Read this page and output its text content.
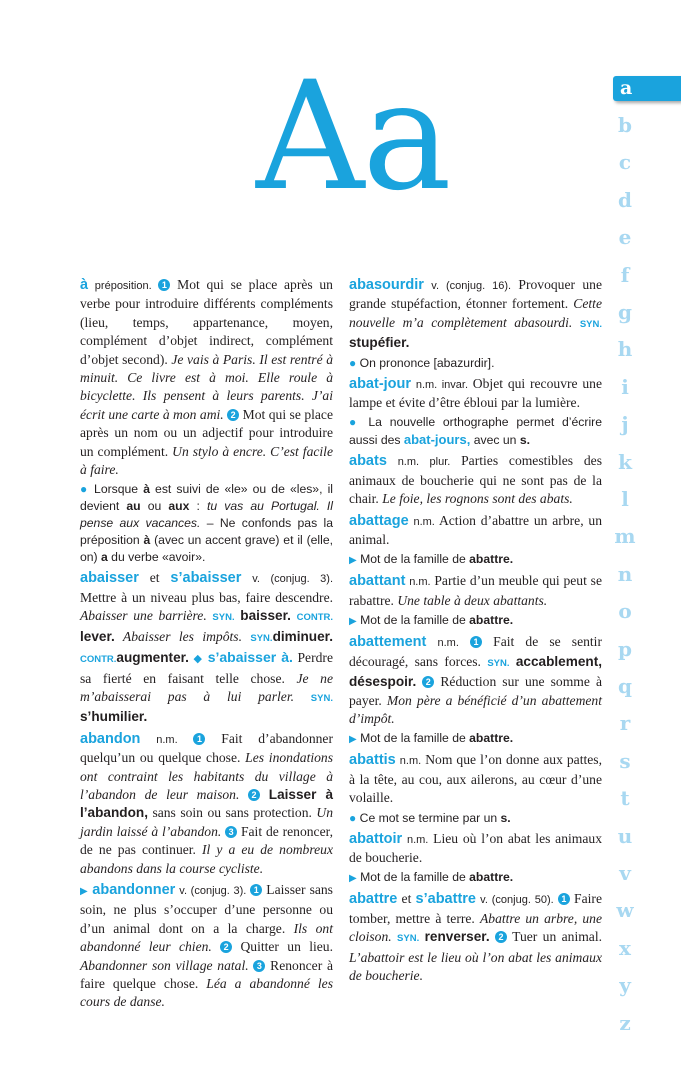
Aa	a
b
c
d
e
f
g
h
i
j
k
l
m
n
o
p
q
r
s
t
u
v
w
x
y
z

à préposition. 1 Mot qui se place après un verbe pour introduire différents compléments (lieu, temps, appartenance, moyen, complément d’objet indirect, complément d’objet second). Je vais à Paris. Il est rentré à minuit. Ce livre est à moi. Elle roule à bicyclette. Ils pensent à leurs parents. J’ai écrit une carte à mon ami. 2 Mot qui se place après un nom ou un adjectif pour introduire un complément. Un stylo à encre. C’est facile à faire.

● Lorsque à est suivi de «le» ou de «les», il devient au ou aux : tu vas au Portugal. Il pense aux vacances. – Ne confonds pas la préposition à (avec un accent grave) et il (elle, on) a du verbe «avoir».

abaisser et s’abaisser v. (conjug. 3). Mettre à un niveau plus bas, faire descendre. Abaisser une barrière. SYN. baisser. CONTR. lever. Abaisser les impôts. SYN.diminuer. CONTR.augmenter. ◆ s’abaisser à. Perdre sa fierté en faisant telle chose. Je ne m’abaisserai pas à lui parler. SYN. s’humilier.

abandon n.m. 1 Fait d’abandonner quelqu’un ou quelque chose. Les inondations ont contraint les habitants du village à l’abandon de leur maison. 2 Laisser à l’abandon, sans soin ou sans protection. Un jardin laissé à l’abandon. 3 Fait de renoncer, de ne pas continuer. Il y a eu de nombreux abandons dans la course cycliste.

▶ abandonner v. (conjug. 3). 1 Laisser sans soin, ne plus s’occuper d’une personne ou d’un animal dont on a la charge. Ils ont abandonné leur chien. 2 Quitter un lieu. Abandonner son village natal. 3 Renoncer à faire quelque chose. Léa a abandonné les cours de danse.

abasourdir v. (conjug. 16). Provoquer une grande stupéfaction, étonner fortement. Cette nouvelle m’a complètement abasourdi. SYN. stupéfier.

● On prononce [abazurdir].

abat-jour n.m. invar. Objet qui recouvre une lampe et évite d’être ébloui par la lumière.

● La nouvelle orthographe permet d’écrire aussi des abat-jours, avec un s.

abats n.m. plur. Parties comestibles des animaux de boucherie qui ne sont pas de la chair. Le foie, les rognons sont des abats.

abattage n.m. Action d’abattre un arbre, un animal.

▶ Mot de la famille de abattre.

abattant n.m. Partie d’un meuble qui peut se rabattre. Une table à deux abattants.

▶ Mot de la famille de abattre.

abattement n.m. 1 Fait de se sentir découragé, sans forces. SYN. accablement, désespoir. 2 Réduction sur une somme à payer. Mon père a bénéficié d’un abattement d’impôt.

▶ Mot de la famille de abattre.

abattis n.m. Nom que l’on donne aux pattes, à la tête, au cou, aux ailerons, au cœur d’une volaille.

● Ce mot se termine par un s.

abattoir n.m. Lieu où l’on abat les animaux de boucherie.

▶ Mot de la famille de abattre.

abattre et s’abattre v. (conjug. 50). 1 Faire tomber, mettre à terre. Abattre un arbre, une cloison. SYN. renverser. 2 Tuer un animal. L’abattoir est le lieu où l’on abat les animaux de boucherie.
